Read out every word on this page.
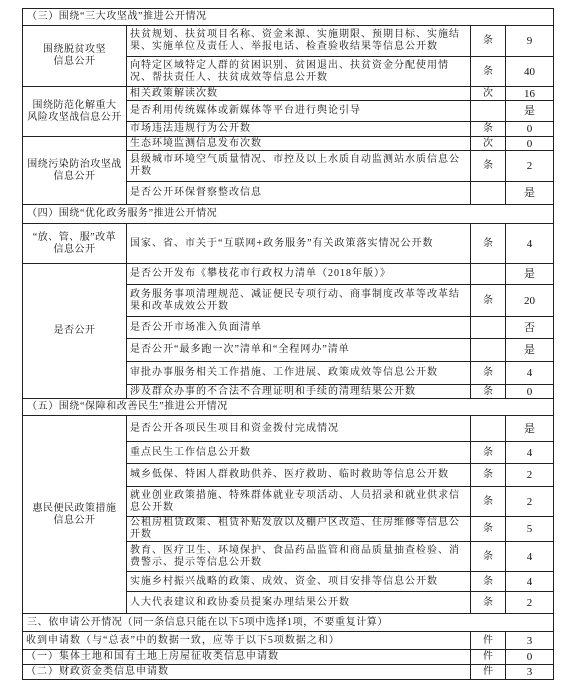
（三）围绕“三大攻坚战”推进公开情况			
围绕脱贫攻坚
信息公开	扶贫规划、扶贫项目名称、资金来源、实施期限、预期目标、实施结果、实施单位及责任人、举报电话、检查验收结果等信息公开数	条	9
	向特定区域特定人群的贫困识别、贫困退出、扶贫资金分配使用情况、帮扶责任人、扶贫成效等信息公开数	条	40
围绕防范化解重大
风险攻坚战信息公开	相关政策解读次数	次	16
	是否利用传统媒体或新媒体等平台进行舆论引导		是
	市场违法违规行为公开数	条	0
围绕污染防治攻坚战
信息公开	生态环境监测信息发布次数	次	0
	县级城市环境空气质量情况、市控及以上水质自动监测站水质信息公开数	条	2
	是否公开环保督察整改信息		是
（四）围绕“优化政务服务”推进公开情况			
“放、管、服”改革
信息公开	国家、省、市关于“互联网+政务服务”有关政策落实情况公开数	条	4
是否公开	是否公开发布《攀枝花市行政权力清单（2018年版）》		是
	政务服务事项清理规范、减证便民专项行动、商事制度改革等改革结果和改革成效公开数	条	20
	是否公开市场准入负面清单		否
	是否公开“最多跑一次”清单和“全程网办”清单		是
	审批办事服务相关工作措施、工作进展、政策成效等信息公开数	条	4
	涉及群众办事的不合法不合理证明和手续的清理结果公开数	条	0
（五）围绕“保障和改善民生”推进公开情况			
惠民便民政策措施
信息公开	是否公开各项民生项目和资金拨付完成情况		是
	重点民生工作信息公开数	条	4
	城乡低保、特困人群救助供养、医疗救助、临时救助等信息公开数	条	2
	就业创业政策措施、特殊群体就业专项活动、人员招录和就业供求信息公开数	条	2
	公租房租赁政策、租赁补贴发放以及棚户区改造、住房维修等信息公开数	条	5
	教育、医疗卫生、环境保护、食品药品监管和商品质量抽查检验、消费警示、提示等信息公开数	条	4
	实施乡村振兴战略的政策、成效、资金、项目安排等信息公开数	条	4
	人大代表建议和政协委员提案办理结果公开数	条	2
三、依申请公开情况（同一条信息只能在以下5项中选择1项，不要重复计算）			
收到申请数（与“总表”中的数据一致，应等于以下5项数据之和）		件	3
（一）集体土地和国有土地上房屋征收类信息申请数		件	0
（二）财政资金类信息申请数		件	3
